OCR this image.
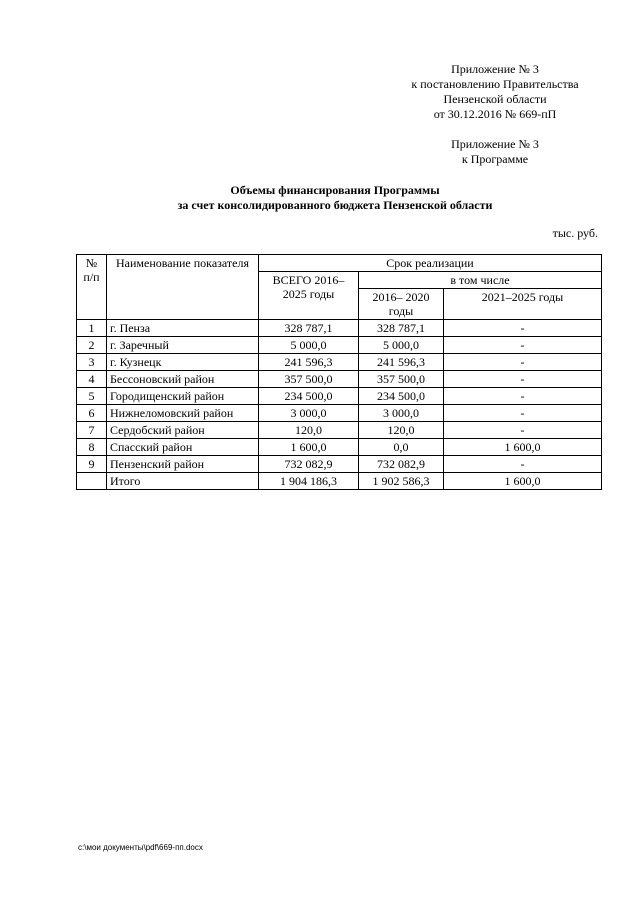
Приложение № 3
к постановлению Правительства
Пензенской области
от 30.12.2016 № 669-пП
Приложение № 3
к Программе
Объемы финансирования Программы
за счет консолидированного бюджета Пензенской области
тыс. руб.
№ п/п	Наименование показателя	Срок реализации		
		ВСЕГО 2016– 2025 годы	в том числе	
			2016– 2020 годы	2021–2025 годы
1	г. Пенза	328 787,1	328 787,1	-
2	г. Заречный	5 000,0	5 000,0	-
3	г. Кузнецк	241 596,3	241 596,3	-
4	Бессоновский район	357 500,0	357 500,0	-
5	Городищенский район	234 500,0	234 500,0	-
6	Нижнеломовский район	3 000,0	3 000,0	-
7	Сердобский район	120,0	120,0	-
8	Спасский район	1 600,0	0,0	1 600,0
9	Пензенский район	732 082,9	732 082,9	-
	Итого	1 904 186,3	1 902 586,3	1 600,0
c:\мои документы\pdf\669-пп.docx
